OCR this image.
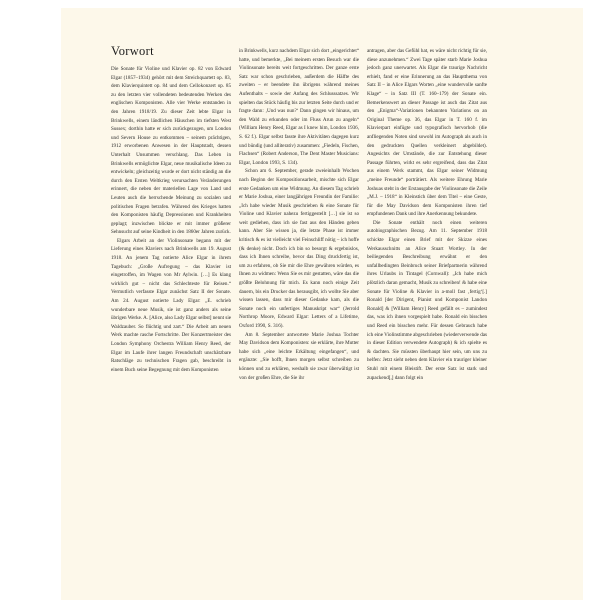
Vorwort

Die Sonate für Violine und Klavier op. 82 von Edward Elgar (1857–1934) gehört mit dem Streichquartett op. 83, dem Klavierquintett op. 84 und dem Cellokonzert op. 85 zu den letzten vier vollendeten bedeutenden Werken des englischen Komponisten. Alle vier Werke entstanden in den Jahren 1918/19. Zu dieser Zeit lebte Elgar in Brinkwells, einem ländlichen Häuschen im tiefsten West Sussex; dorthin hatte er sich zurückgezogen, um London und Severn House zu entkommen – seinem prächtigen, 1912 erworbenen Anwesen in der Hauptstadt, dessen Unterhalt Unsummen verschlang. Das Leben in Brinkwells ermöglichte Elgar, neue musikalische Ideen zu entwickeln; gleichzeitig wurde er dort nicht ständig an die durch den Ersten Weltkrieg verursachten Veränderungen erinnert, die neben der materiellen Lage von Land und Leuten auch die herrschende Meinung zu sozialen und politischen Fragen betrafen. Während des Krieges hatten den Komponisten häufig Depressionen und Krankheiten geplagt; inzwischen blickte er mit immer größerer Sehnsucht auf seine Kindheit in den 1860er Jahren zurück.

Elgars Arbeit an der Violinsonate begann mit der Lieferung eines Klaviers nach Brinkwells am 19. August 1918. An jenem Tag notierte Alice Elgar in ihrem Tagebuch: „Große Aufregung – das Klavier ist eingetroffen, im Wagen von Mr Aylwin. […] Es klang wirklich gut – nicht das Schlechteste für Reisen.“ Vermutlich verfasste Elgar zunächst Satz II der Sonate. Am 24. August notierte Lady Elgar: „E. schrieb wunderbare neue Musik, sie ist ganz anders als seine übrigen Werke. A. [Alice, also Lady Elgar selbst] nennt sie Waldzauber. So flüchtig und zart.“ Die Arbeit am neuen Werk machte rasche Fortschritte. Der Konzertmeister des London Symphony Orchestra William Henry Reed, der Elgar im Laufe ihrer langen Freundschaft unschätzbare Ratschläge zu technischen Fragen gab, beschreibt in einem Buch seine Begegnung mit dem Komponisten

in Brinkwells, kurz nachdem Elgar sich dort „eingerichtet“ hatte, und bemerkte, „Bei meinem ersten Besuch war die Violinsonate bereits weit fortgeschritten. Der ganze erste Satz war schon geschrieben, außerdem die Hälfte des zweiten – er beendete ihn übrigens während meines Aufenthalts – sowie der Anfang des Schlusssatzes. Wir spielten das Stück häufig bis zur letzten Seite durch und er fragte dann: ‚Und was nun?‘ Dann gingen wir hinaus, um den Wald zu erkunden oder im Fluss Arun zu angeln“ (William Henry Reed, Elgar as I knew him, London 1936, S. 62 f.). Elgar selbst fasste ihre Aktivitäten dagegen kurz und bündig (und alliterativ) zusammen: „Fiedeln, Fischen, Flachsen“ (Robert Anderson, The Dent Master Musicians: Elgar, London 1993, S. 134).

Schon am 6. September, gerade zweieinhalb Wochen nach Beginn der Kompositionsarbeit, mischte sich Elgar erste Gedanken um eine Widmung. An diesem Tag schrieb er Marie Joshua, einer langjährigen Freundin der Familie: „Ich habe wieder Musik geschrieben & eine Sonate für Violine und Klavier nahezu fertiggestellt […] sie ist so weit gediehen, dass ich sie fast aus den Händen geben kann. Aber Sie wissen ja, die letzte Phase ist immer kritisch & es ist vielleicht viel Feinschliff nötig – ich hoffe (& denke) nicht. Doch ich bin so besorgt & ergebnislos, dass ich Ihnen schreibe, bevor das Ding druckfertig ist, um zu erfahren, ob Sie mir die Ehre gewähren würden, es Ihnen zu widmen: Wenn Sie es mir gestatten, wäre das die größte Belohnung für mich. Es kann noch einige Zeit dauern, bis ein Drucker das herausgibt, ich wollte Sie aber wissen lassen, dass mir dieser Gedanke kam, als die Sonate noch ein unfertiges Manuskript war“ (Jerrold Northrop Moore, Edward Elgar: Letters of a Lifetime, Oxford 1990, S. 316).

Am 8. September antwortete Marie Joshua Tochter May Davidson dem Komponisten: sie erklärte, ihre Mutter habe sich „eine leichte Erkältung eingefangen“, und ergänzte: „Sie hofft, Ihnen morgen selbst schreiben zu können und zu erklären, weshalb sie zwar überwältigt ist von der großen Ehre, die Sie ihr

antragen, aber das Gefühl hat, es wäre nicht richtig für sie, diese anzunehmen.“ Zwei Tage später starb Marie Joshua jedoch ganz unerwartet. Als Elgar die traurige Nachricht erhielt, fand er eine Erinnerung an das Hauptthema von Satz II – in Alice Elgars Worten „eine wundervolle sanfte Klage“ – in Satz III (T. 160–179) der Sonate ein. Bemerkenswert an dieser Passage ist auch das Zitat aus den „Enigma“-Variationen bekannten Variations on an Original Theme op. 36, das Elgar in T. 160 f. im Klavierpart einfügte und typografisch hervorhob (die anfliegenden Noten sind sowohl im Autograph als auch in den gedruckten Quellen verkleinert abgebildet). Angesichts der Umstände, die zur Entstehung dieser Passage führten, wirkt es sehr ergreifend, dass das Zitat aus einem Werk stammt, das Elgar seiner Widmung „meine Freunde“ porträtiert. Als weitere Ehrung Marie Joshuas steht in der Erstausgabe der Violinsonate die Zeile „M.J. – 1918“ in Kleinstich über dem Titel – eine Geste, für die May Davidson dem Komponisten ihren tief empfundenen Dank und ihre Anerkennung bekundete.

Die Sonate enthält noch einen weiteren autobiographischen Bezug. Am 11. September 1918 schickte Elgar einen Brief mit der Skizze eines Werkausschnitts an Alice Stuart Wortley. In der beiliegenden Beschreibung erwähnt er den unfallbedingten Beinbruch seiner Briefpartnerin während ihres Urlaubs in Tintagel (Cornwall): „Ich habe mich plötzlich daran gemacht, Musik zu schreiben! & habe eine Sonate für Violine & Klavier in a-moll fast ‚fertig‘[.] Ronald [der Dirigent, Pianist und Komponist Landon Ronald] & [William Henry] Reed gefällt es – zumindest das, was ich ihnen vorgespielt habe. Ronald ein bisschen und Reed ein bisschen mehr. Für dessen Gebrauch habe ich eine Violinstimme abgeschrieben (wiederverwende das in dieser Edition verwendete Autograph) & ich spielte es & dachten. Sie müssten überhaupt hier sein, um uns zu helfen: Jetzt sieht neben dem Klavier ein trauriger kleiner Stuhl mit einem Bleistift. Der erste Satz ist stark und zupackend[,] dann folgt ein
